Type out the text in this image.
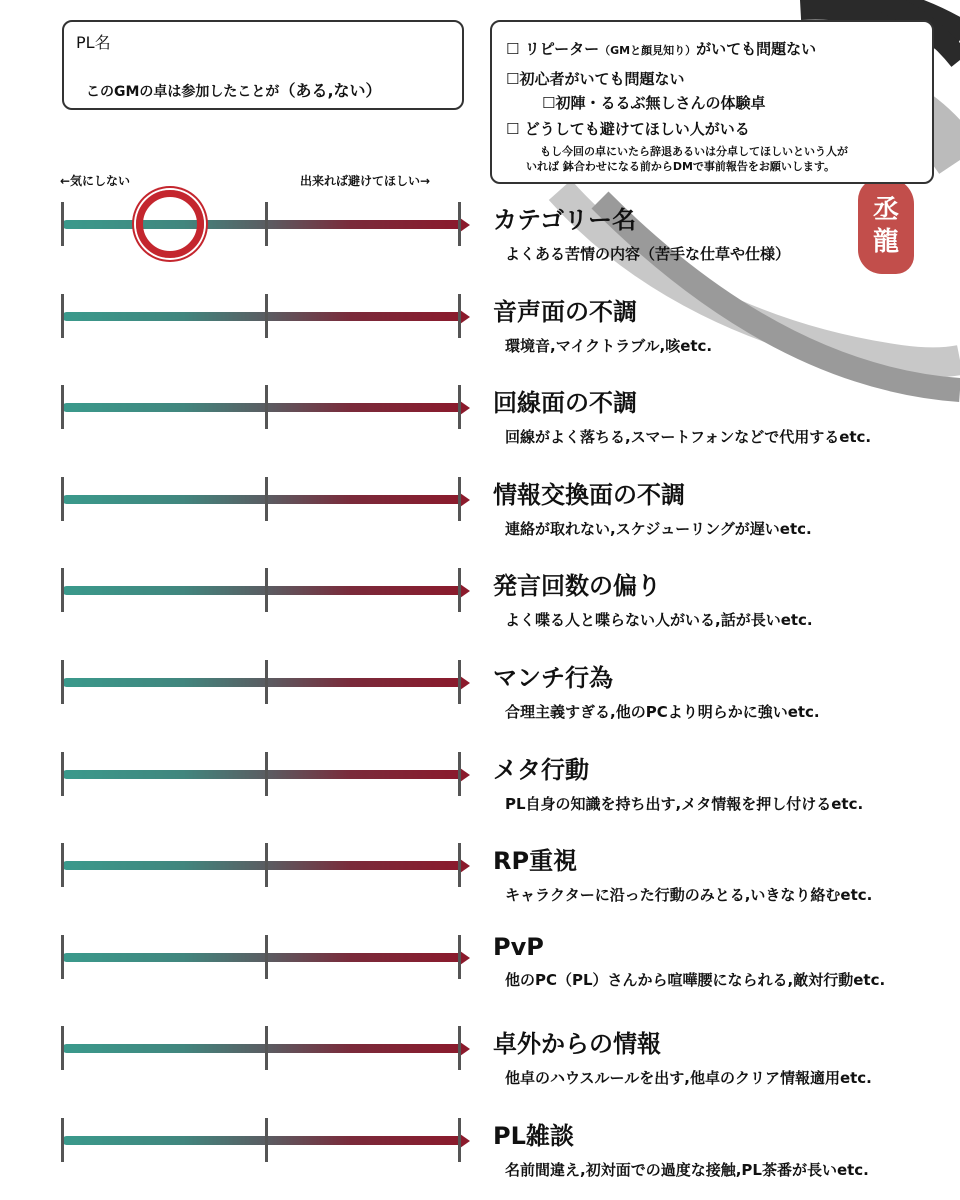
PL名
このGMの卓は参加したことが（ある,ない）
☐ リピーター（GMと顔見知り）がいても問題ない
☐初心者がいても問題ない
☐初陣・るるぶ無しさんの体験卓
☐ どうしても避けてほしい人がいる
もし今回の卓にいたら辞退あるいは分卓してほしいという人が
いれば 鉢合わせになる前からDMで事前報告をお願いします。
←気にしない	出来れば避けてほしい→
丞
龍
カテゴリー名
よくある苦情の内容（苦手な仕草や仕様）
音声面の不調
環境音,マイクトラブル,咳etc.
回線面の不調
回線がよく落ちる,スマートフォンなどで代用するetc.
情報交換面の不調
連絡が取れない,スケジューリングが遅いetc.
発言回数の偏り
よく喋る人と喋らない人がいる,話が長いetc.
マンチ行為
合理主義すぎる,他のPCより明らかに強いetc.
メタ行動
PL自身の知識を持ち出す,メタ情報を押し付けるetc.
RP重視
キャラクターに沿った行動のみとる,いきなり絡むetc.
PvP
他のPC（PL）さんから喧嘩腰になられる,敵対行動etc.
卓外からの情報
他卓のハウスルールを出す,他卓のクリア情報適用etc.
PL雑談
名前間違え,初対面での過度な接触,PL茶番が長いetc.
